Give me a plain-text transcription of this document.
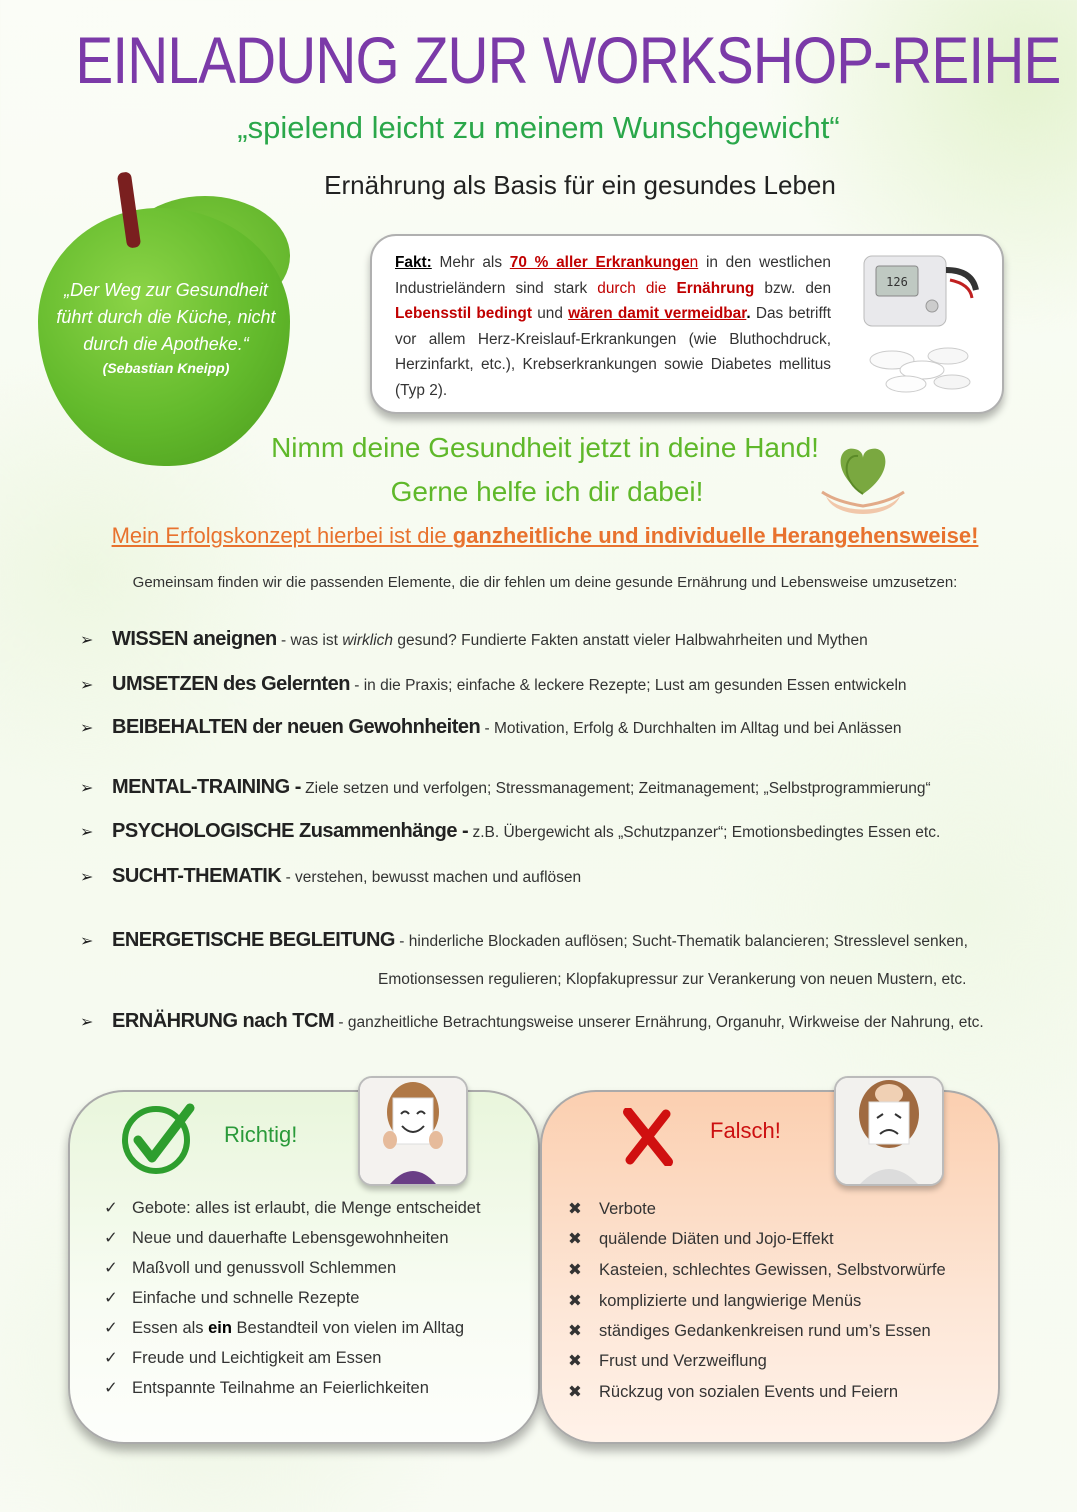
EINLADUNG ZUR WORKSHOP-REIHE
„spielend leicht zu meinem Wunschgewicht“
Ernährung als Basis für ein gesundes Leben
„Der Weg zur Gesundheit führt durch die Küche, nicht durch die Apotheke.“
(Sebastian Kneipp)
Fakt: Mehr als 70 % aller Erkrankungen in den westlichen Industrieländern sind stark durch die Ernährung bzw. den Lebensstil bedingt und wären damit vermeidbar. Das betrifft vor allem Herz-Kreislauf-Erkrankungen (wie Bluthochdruck, Herzinfarkt, etc.), Krebserkrankungen sowie Diabetes mellitus (Typ 2).
126
Nimm deine Gesundheit jetzt in deine Hand!
Gerne helfe ich dir dabei!
Mein Erfolgskonzept hierbei ist die ganzheitliche und individuelle Herangehensweise!
Gemeinsam finden wir die passenden Elemente, die dir fehlen um deine gesunde Ernährung und Lebensweise umzusetzen:
➢ WISSEN aneignen - was ist wirklich gesund? Fundierte Fakten anstatt vieler Halbwahrheiten und Mythen
➢ UMSETZEN des Gelernten - in die Praxis; einfache & leckere Rezepte; Lust am gesunden Essen entwickeln
➢ BEIBEHALTEN der neuen Gewohnheiten - Motivation, Erfolg & Durchhalten im Alltag und bei Anlässen
➢ MENTAL-TRAINING - Ziele setzen und verfolgen; Stressmanagement; Zeitmanagement; „Selbstprogrammierung“
➢ PSYCHOLOGISCHE Zusammenhänge - z.B. Übergewicht als „Schutzpanzer“; Emotionsbedingtes Essen etc.
➢ SUCHT-THEMATIK - verstehen, bewusst machen und auflösen
➢ ENERGETISCHE BEGLEITUNG - hinderliche Blockaden auflösen; Sucht-Thematik balancieren; Stresslevel senken,
Emotionsessen regulieren; Klopfakupressur zur Verankerung von neuen Mustern, etc.
➢ ERNÄHRUNG nach TCM - ganzheitliche Betrachtungsweise unserer Ernährung, Organuhr, Wirkweise der Nahrung, etc.
Richtig!	Falsch!
✓ Gebote: alles ist erlaubt, die Menge entscheidet
✓ Neue und dauerhafte Lebensgewohnheiten
✓ Maßvoll und genussvoll Schlemmen
✓ Einfache und schnelle Rezepte
✓ Essen als ein Bestandteil von vielen im Alltag
✓ Freude und Leichtigkeit am Essen
✓ Entspannte Teilnahme an Feierlichkeiten
✖ Verbote
✖ quälende Diäten und Jojo-Effekt
✖ Kasteien, schlechtes Gewissen, Selbstvorwürfe
✖ komplizierte und langwierige Menüs
✖ ständiges Gedankenkreisen rund um’s Essen
✖ Frust und Verzweiflung
✖ Rückzug von sozialen Events und Feiern
